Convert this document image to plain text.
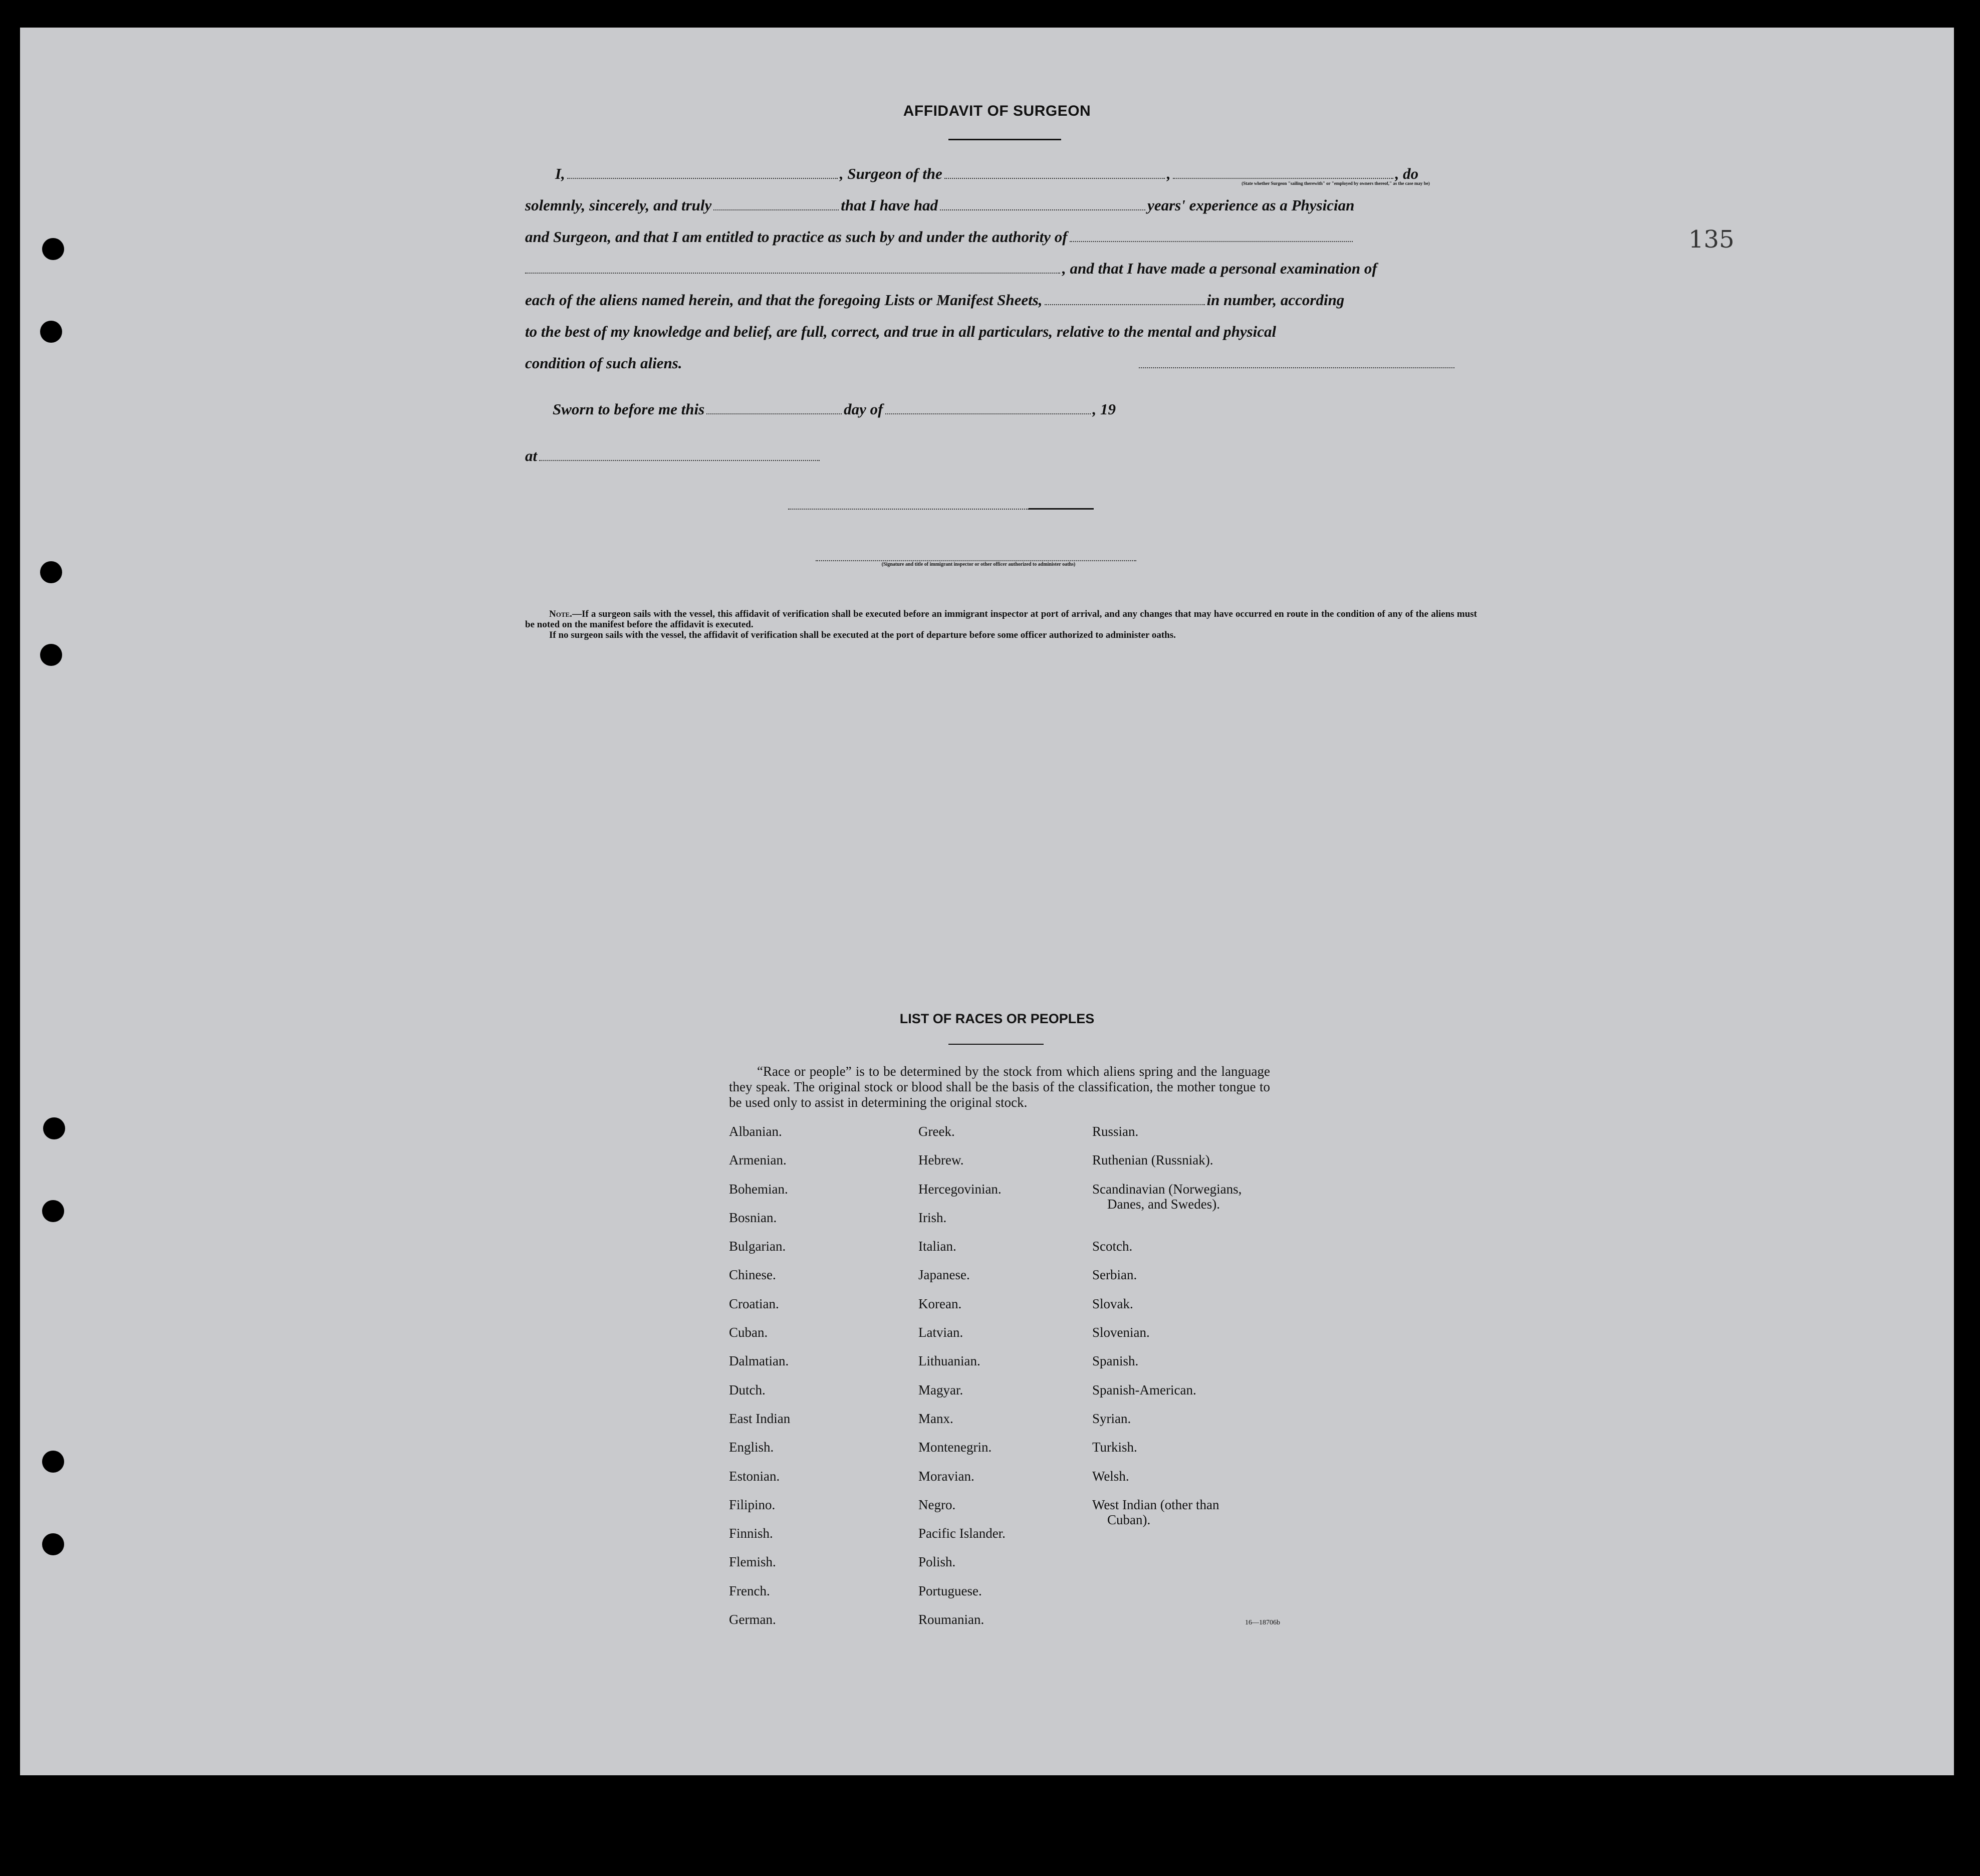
135
AFFIDAVIT OF SURGEON
I,	, Surgeon of the	,	, do
(State whether Surgeon "sailing therewith" or "employed by owners thereof," as the case may be)
solemnly, sincerely, and truly	that I have had	years' experience as a Physician
and Surgeon, and that I am entitled to practice as such by and under the authority of
, and that I have made a personal examination of
each of the aliens named herein, and that the foregoing Lists or Manifest Sheets,	in number, according
to the best of my knowledge and belief, are full, correct, and true in all particulars, relative to the mental and physical
condition of such aliens.
Sworn to before me this	day of	, 19
at
(Signature and title of immigrant inspector or other officer authorized to administer oaths)

Note.—If a surgeon sails with the vessel, this affidavit of verification shall be executed before an immigrant inspector at port of arrival, and any changes that may have occurred en route in the condition of any of the aliens must be noted on the manifest before the affidavit is executed.

If no surgeon sails with the vessel, the affidavit of verification shall be executed at the port of departure before some officer authorized to administer oaths.

LIST OF RACES OR PEOPLES

“Race or people” is to be determined by the stock from which aliens spring and the language they speak. The original stock or blood shall be the basis of the classification, the mother tongue to be used only to assist in determining the original stock.

Albanian.
Armenian.
Bohemian.
Bosnian.
Bulgarian.
Chinese.
Croatian.
Cuban.
Dalmatian.
Dutch.
East Indian
English.
Estonian.
Filipino.
Finnish.
Flemish.
French.
German.
Greek.
Hebrew.
Hercegovinian.
Irish.
Italian.
Japanese.
Korean.
Latvian.
Lithuanian.
Magyar.
Manx.
Montenegrin.
Moravian.
Negro.
Pacific Islander.
Polish.
Portuguese.
Roumanian.
Russian.
Ruthenian (Russniak).
Scandinavian (Norwegians,
Danes, and Swedes).
Scotch.
Serbian.
Slovak.
Slovenian.
Spanish.
Spanish-American.
Syrian.
Turkish.
Welsh.
West Indian (other than
Cuban).
16—18706b
